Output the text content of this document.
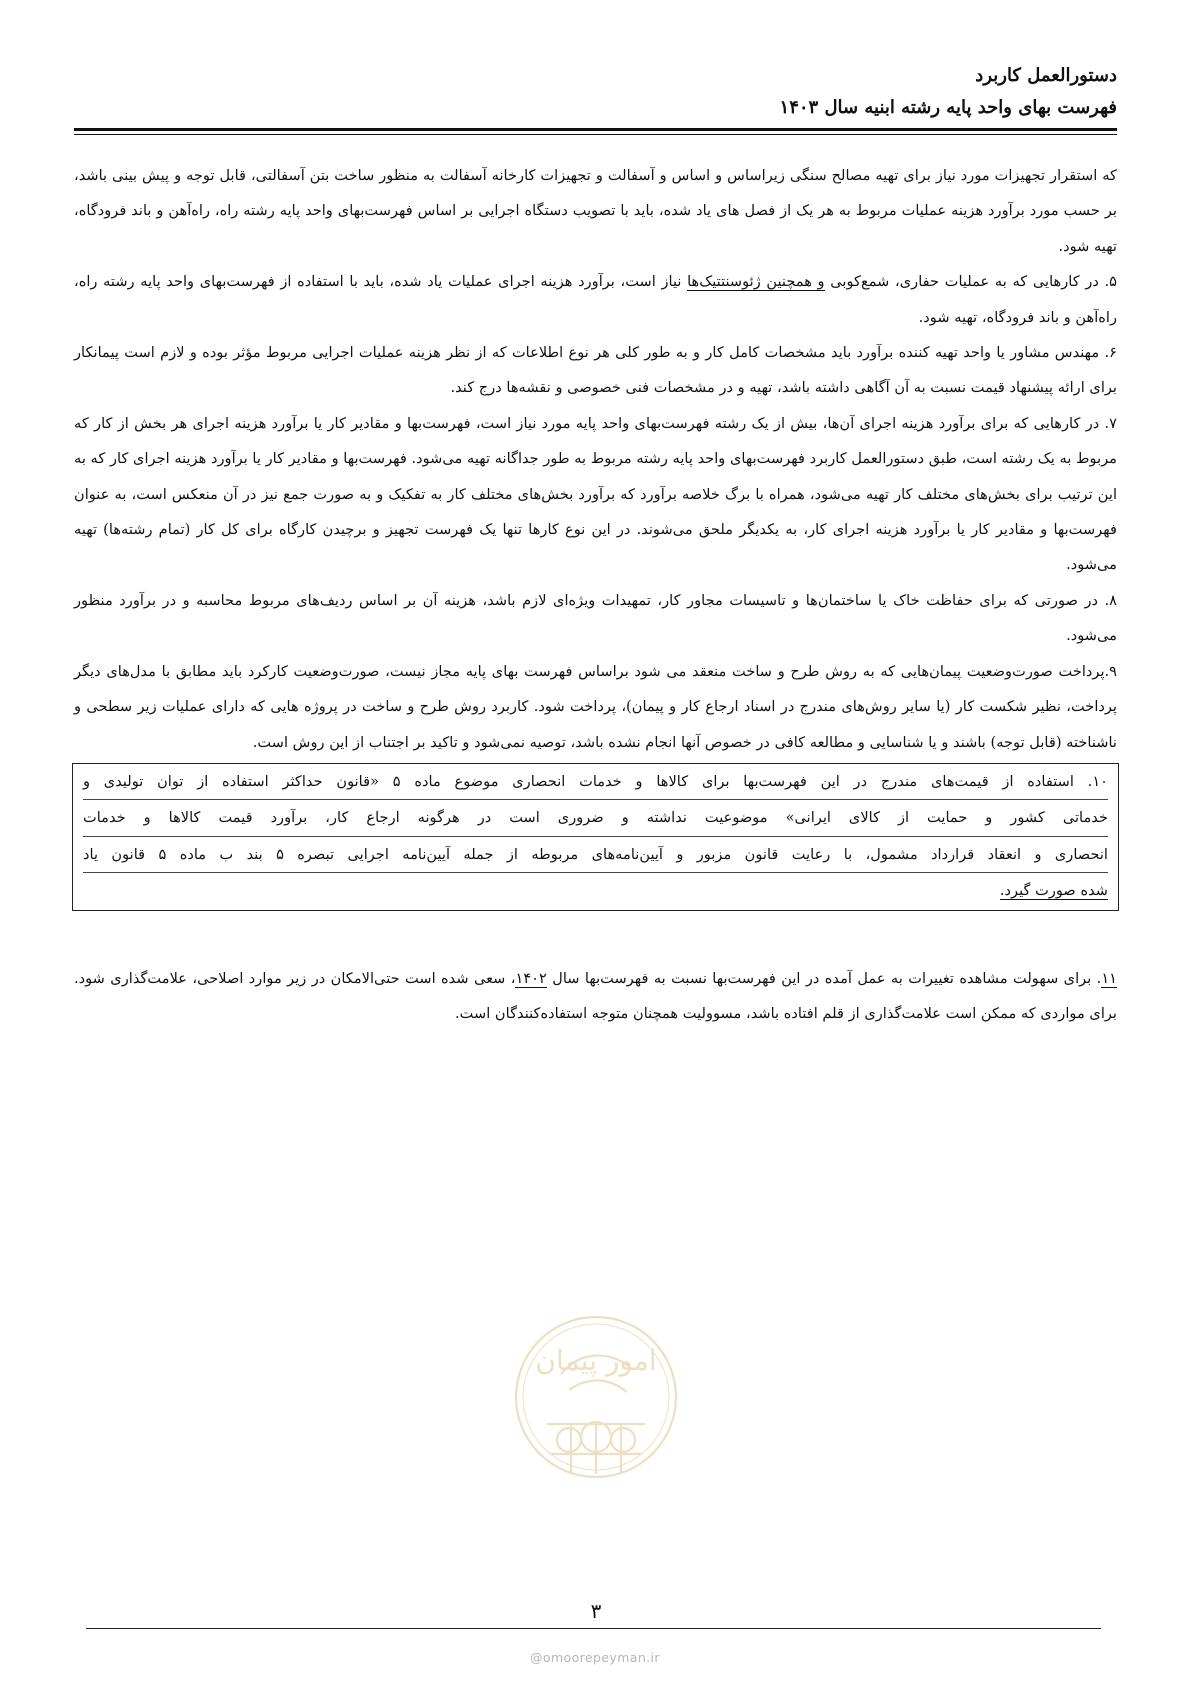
دستورالعمل کاربرد
فهرست بهای واحد پایه رشته ابنیه سال ۱۴۰۳

که استقرار تجهیزات مورد نیاز برای تهیه مصالح سنگی زیراساس و اساس و آسفالت و تجهیزات کارخانه آسفالت به منظور ساخت بتن آسفالتی، قابل توجه و پیش بینی باشد، بر حسب مورد برآورد هزینه عملیات مربوط به هر یک از فصل های یاد شده، باید با تصویب دستگاه اجرایی بر اساس فهرست‌بهای واحد پایه رشته راه، راه‌آهن و باند فرودگاه، تهیه شود.

۵. در کارهایی که به عملیات حفاری، شمع‌کوبی و همچنین ژئوسنتتیک‌ها نیاز است، برآورد هزینه اجرای عملیات یاد شده، باید با استفاده از فهرست‌بهای واحد پایه رشته راه، راه‌آهن و باند فرودگاه، تهیه شود.

۶. مهندس مشاور یا واحد تهیه کننده برآورد باید مشخصات کامل کار و به طور کلی هر نوع اطلاعات که از نظر هزینه عملیات اجرایی مربوط مؤثر بوده و لازم است پیمانکار برای ارائه پیشنهاد قیمت نسبت به آن آگاهی داشته باشد، تهیه و در مشخصات فنی خصوصی و نقشه‌ها درج کند.

۷. در کارهایی که برای برآورد هزینه اجرای آن‌ها، بیش از یک رشته فهرست‌بهای واحد پایه مورد نیاز است، فهرست‌بها و مقادیر کار یا برآورد هزینه اجرای هر بخش از کار که مربوط به یک رشته است، طبق دستورالعمل کاربرد فهرست‌بهای واحد پایه رشته مربوط به طور جداگانه تهیه می‌شود. فهرست‌بها و مقادیر کار یا برآورد هزینه اجرای کار که به این ترتیب برای بخش‌های مختلف کار تهیه می‌شود، همراه با برگ خلاصه برآورد که برآورد بخش‌های مختلف کار به تفکیک و به صورت جمع نیز در آن منعکس است، به عنوان فهرست‌بها و مقادیر کار یا برآورد هزینه اجرای کار، به یکدیگر ملحق می‌شوند. در این نوع کارها تنها یک فهرست تجهیز و برچیدن کارگاه برای کل کار (تمام رشته‌ها) تهیه می‌شود.

۸. در صورتی که برای حفاظت خاک یا ساختمان‌ها و تاسیسات مجاور کار، تمهیدات ویژه‌ای لازم باشد، هزینه آن بر اساس ردیف‌های مربوط محاسبه و در برآورد منظور می‌شود.

۹.پرداخت صورت‌وضعیت پیمان‌هایی که به روش طرح و ساخت منعقد می شود براساس فهرست بهای پایه مجاز نیست، صورت‌وضعیت کارکرد باید مطابق با مدل‌های دیگر پرداخت، نظیر شکست کار (یا سایر روش‌های مندرج در اسناد ارجاع کار و پیمان)، پرداخت شود. کاربرد روش طرح و ساخت در پروژه هایی که دارای عملیات زیر سطحی و ناشناخته (قابل توجه) باشند و یا شناسایی و مطالعه کافی در خصوص آنها انجام نشده باشد، توصیه نمی‌شود و تاکید بر اجتناب از این روش است.

۱۰. استفاده از قیمت‌های مندرج در این فهرست‌بها برای کالاها و خدمات انحصاری موضوع ماده ۵ «قانون حداکثر استفاده از توان تولیدی و
خدماتی کشور و حمایت از کالای ایرانی» موضوعیت نداشته و ضروری است در هرگونه ارجاع کار، برآورد قیمت کالاها و خدمات
انحصاری و انعقاد قرارداد مشمول، با رعایت قانون مزبور و آیین‌نامه‌های مربوطه از جمله آیین‌نامه اجرایی تبصره ۵ بند ب ماده ۵ قانون یاد
شده صورت گیرد.

۱۱. برای سهولت مشاهده تغییرات به عمل آمده در این فهرست‌بها نسبت به فهرست‌بها سال ۱۴۰۲، سعی شده است حتی‌الامکان در زیر موارد اصلاحی، علامت‌گذاری شود. برای مواردی که ممکن است علامت‌گذاری از قلم افتاده باشد، مسوولیت همچنان متوجه استفاده‌کنندگان است.

امور پیمان
۳
@omoorepeyman.ir
